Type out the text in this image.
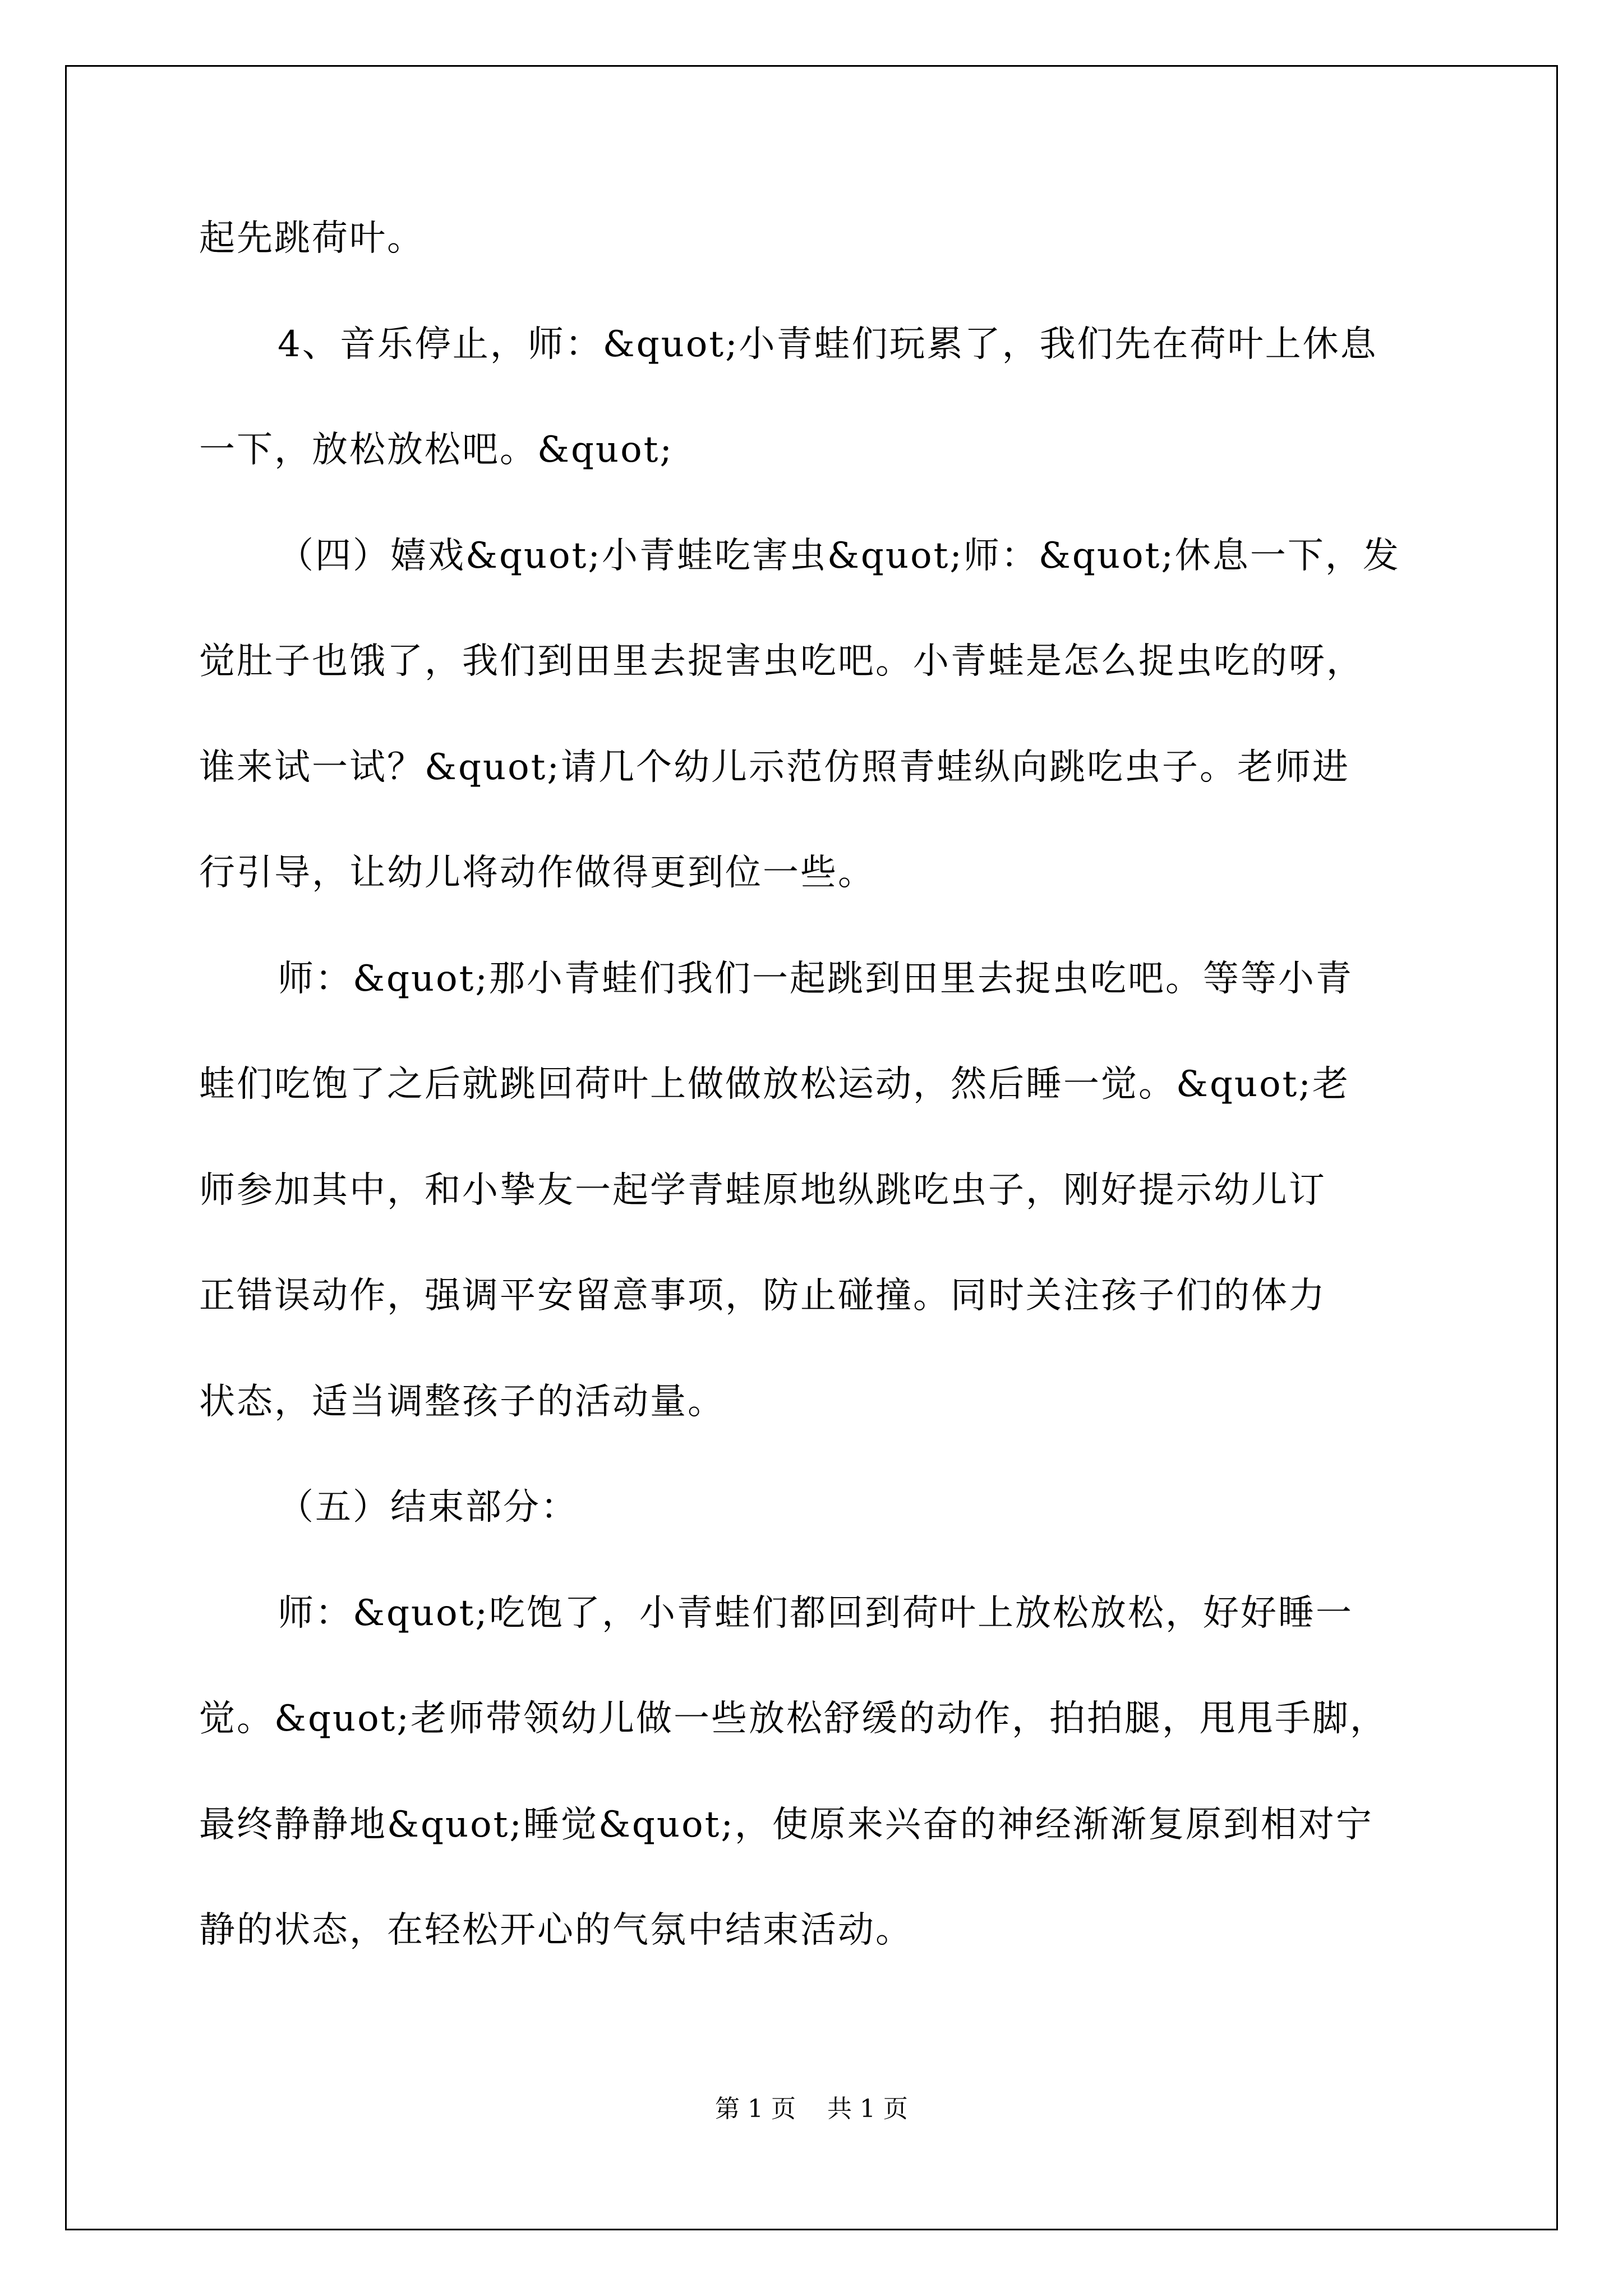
起先跳荷叶。
4、音乐停止，师：&quot;小青蛙们玩累了，我们先在荷叶上休息
一下，放松放松吧。&quot;
（四）嬉戏&quot;小青蛙吃害虫&quot;师：&quot;休息一下，发
觉肚子也饿了，我们到田里去捉害虫吃吧。小青蛙是怎么捉虫吃的呀，
谁来试一试？&quot;请几个幼儿示范仿照青蛙纵向跳吃虫子。老师进
行引导，让幼儿将动作做得更到位一些。
师：&quot;那小青蛙们我们一起跳到田里去捉虫吃吧。等等小青
蛙们吃饱了之后就跳回荷叶上做做放松运动，然后睡一觉。&quot;老
师参加其中，和小挚友一起学青蛙原地纵跳吃虫子，刚好提示幼儿订
正错误动作，强调平安留意事项，防止碰撞。同时关注孩子们的体力
状态，适当调整孩子的活动量。
（五）结束部分：
师：&quot;吃饱了，小青蛙们都回到荷叶上放松放松，好好睡一
觉。&quot;老师带领幼儿做一些放松舒缓的动作，拍拍腿，甩甩手脚，
最终静静地&quot;睡觉&quot;，使原来兴奋的神经渐渐复原到相对宁
静的状态，在轻松开心的气氛中结束活动。
第 1 页    共 1 页
